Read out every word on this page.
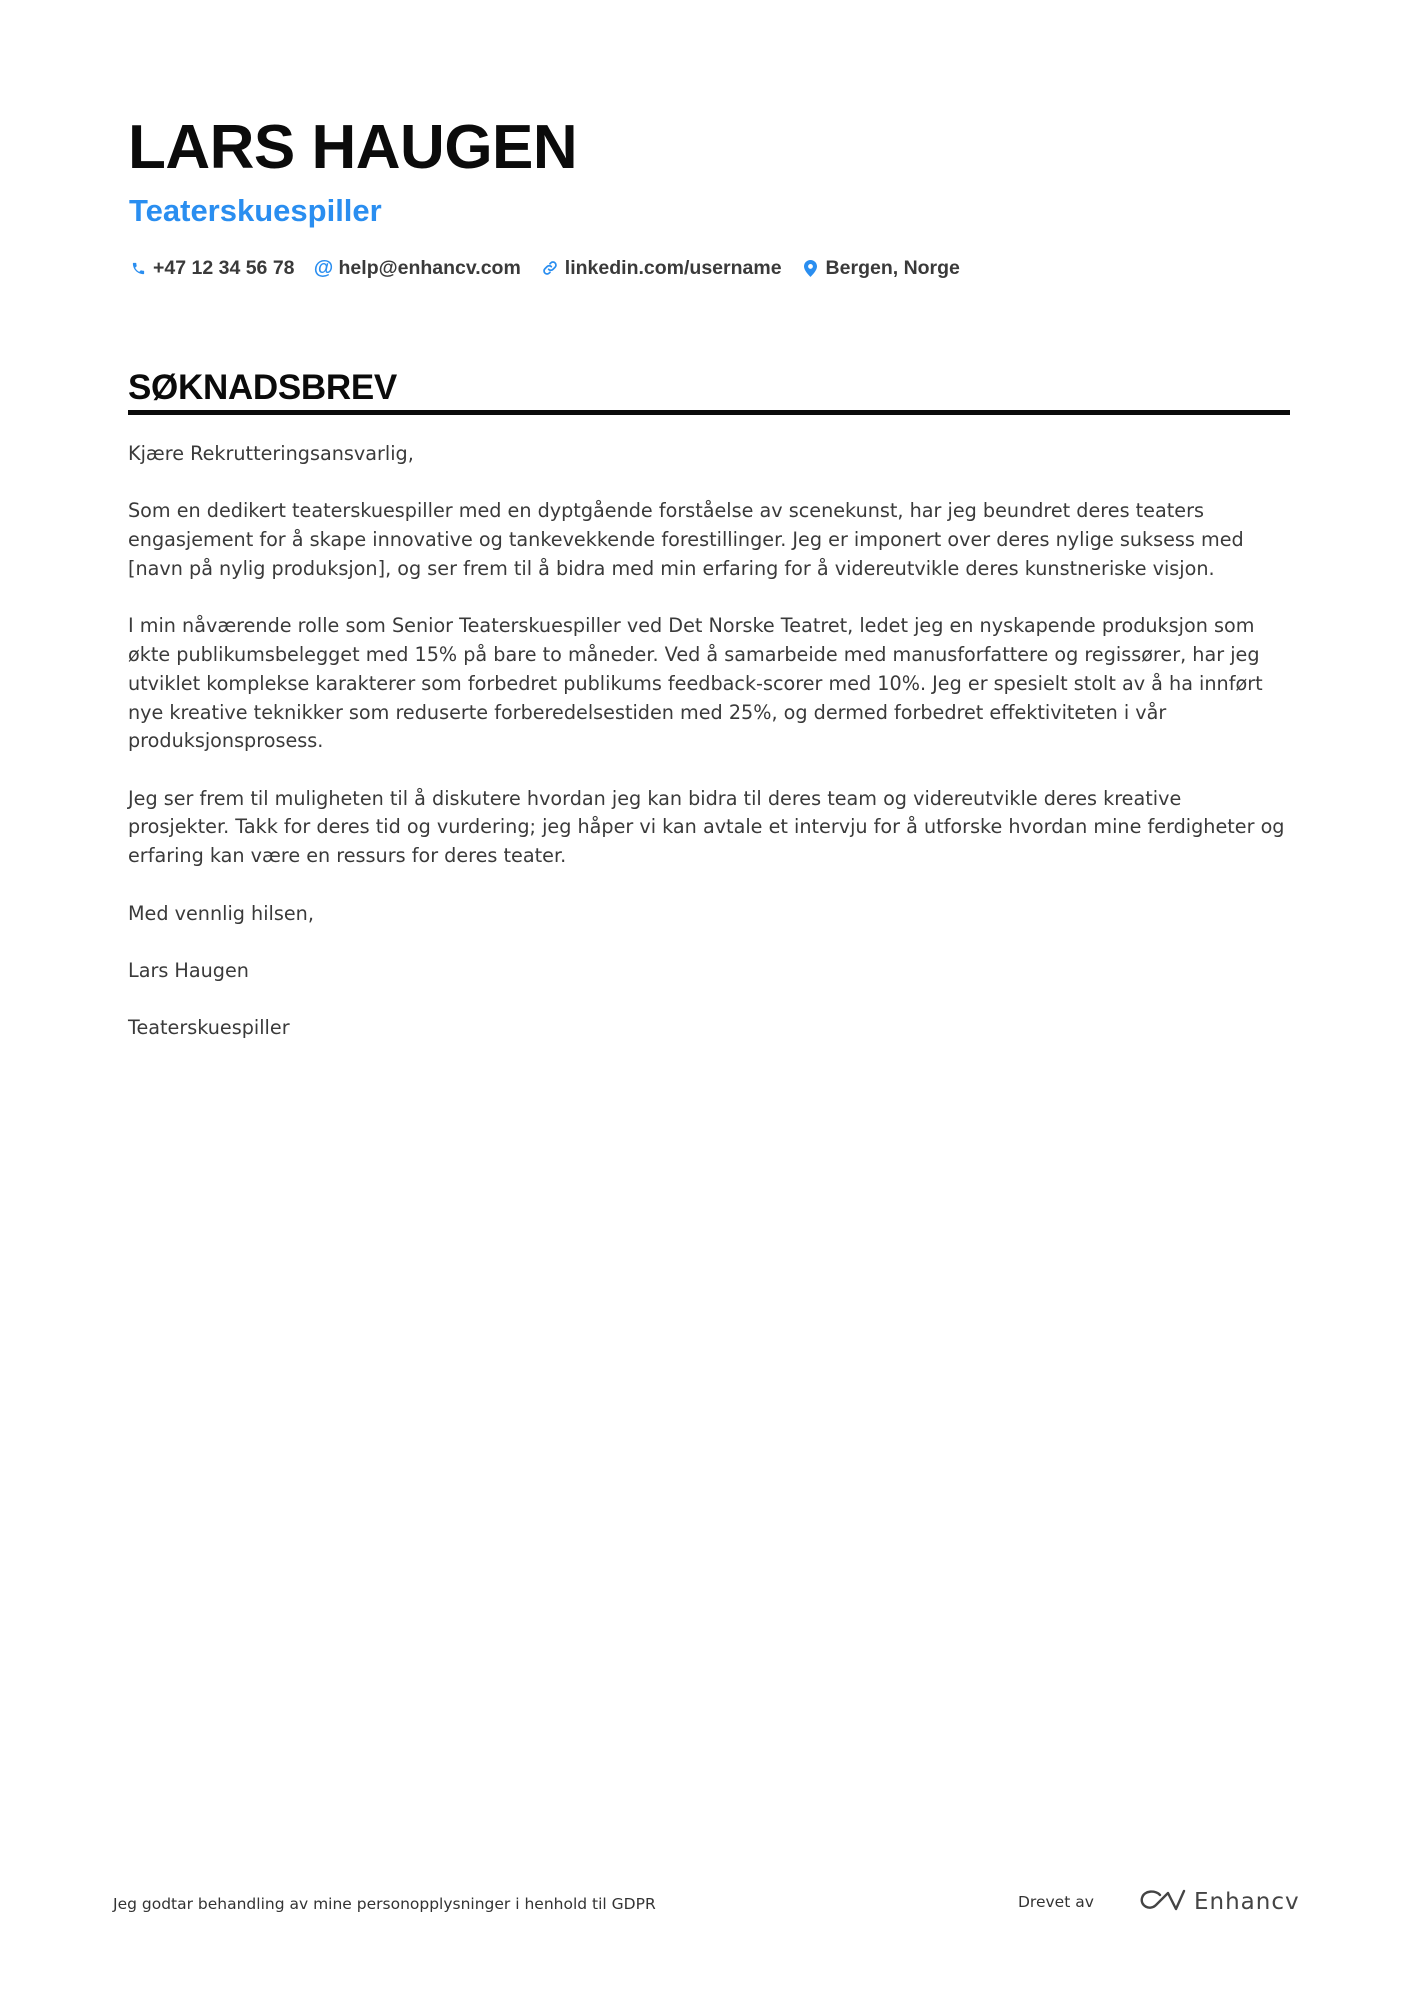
LARS HAUGEN
Teaterskuespiller
+47 12 34 56 78 @ help@enhancv.com linkedin.com/username Bergen, Norge
SØKNADSBREV

Kjære Rekrutteringsansvarlig,

Som en dedikert teaterskuespiller med en dyptgående forståelse av scenekunst, har jeg beundret deres teaters engasjement for å skape innovative og tankevekkende forestillinger. Jeg er imponert over deres nylige suksess med [navn på nylig produksjon], og ser frem til å bidra med min erfaring for å videreutvikle deres kunstneriske visjon.

I min nåværende rolle som Senior Teaterskuespiller ved Det Norske Teatret, ledet jeg en nyskapende produksjon som økte publikumsbelegget med 15% på bare to måneder. Ved å samarbeide med manusforfattere og regissører, har jeg utviklet komplekse karakterer som forbedret publikums feedback-scorer med 10%. Jeg er spesielt stolt av å ha innført nye kreative teknikker som reduserte forberedelsestiden med 25%, og dermed forbedret effektiviteten i vår produksjonsprosess.

Jeg ser frem til muligheten til å diskutere hvordan jeg kan bidra til deres team og videreutvikle deres kreative prosjekter. Takk for deres tid og vurdering; jeg håper vi kan avtale et intervju for å utforske hvordan mine ferdigheter og erfaring kan være en ressurs for deres teater.

Med vennlig hilsen,

Lars Haugen

Teaterskuespiller

Jeg godtar behandling av mine personopplysninger i henhold til GDPR	Drevet av	Enhancv
